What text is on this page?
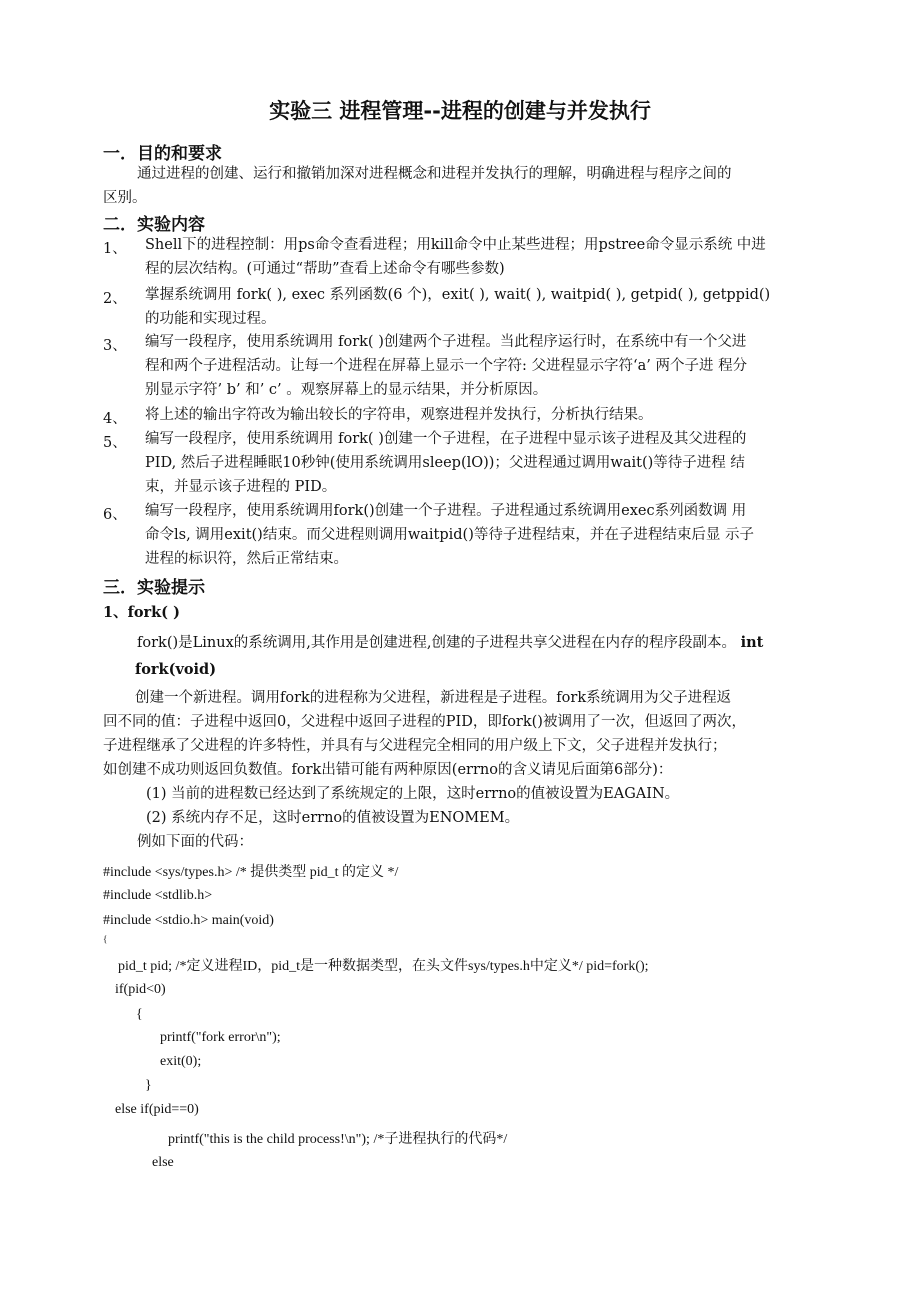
实验三 进程管理--进程的创建与并发执行
一．目的和要求
通过进程的创建、运行和撤销加深对进程概念和进程并发执行的理解，明确进程与程序之间的
区别。
二．实验内容
1、 Shell下的进程控制：用ps命令查看进程；用kill命令中止某些进程；用pstree命令显示系统 中进
程的层次结构。(可通过“帮助”查看上述命令有哪些参数)
2、 掌握系统调用 fork( ), exec 系列函数(6 个)，exit( ), wait( ), waitpid( ), getpid( ), getppid()
的功能和实现过程。
3、 编写一段程序，使用系统调用 fork( )创建两个子进程。当此程序运行时，在系统中有一个父进
程和两个子进程活动。让每一个进程在屏幕上显示一个字符: 父进程显示字符‘a’ 两个子进 程分
别显示字符’ b’ 和’ c’ 。观察屏幕上的显示结果，并分析原因。
4、 将上述的输出字符改为输出较长的字符串，观察进程并发执行，分析执行结果。
5、 编写一段程序，使用系统调用 fork( )创建一个子进程，在子进程中显示该子进程及其父进程的
PID, 然后子进程睡眠10秒钟(使用系统调用sleep(lO))；父进程通过调用wait()等待子进程 结
束，并显示该子进程的 PID。
6、 编写一段程序，使用系统调用fork()创建一个子进程。子进程通过系统调用exec系列函数调 用
命令ls, 调用exit()结束。而父进程则调用waitpid()等待子进程结束，并在子进程结束后显 示子
进程的标识符，然后正常结束。
三．实验提示
1、fork( )
fork()是Linux的系统调用,其作用是创建进程,创建的子进程共享父进程在内存的程序段副本。 int
fork(void)
创建一个新进程。调用fork的进程称为父进程，新进程是子进程。fork系统调用为父子进程返
回不同的值：子进程中返回0，父进程中返回子进程的PID，即fork()被调用了一次，但返回了两次，
子进程继承了父进程的许多特性，并具有与父进程完全相同的用户级上下文，父子进程并发执行；
如创建不成功则返回负数值。fork出错可能有两种原因(errno的含义请见后面第6部分)：
(1) 当前的进程数已经达到了系统规定的上限，这时errno的值被设置为EAGAIN。
(2) 系统内存不足，这时errno的值被设置为ENOMEM。
例如下面的代码：
#include <sys/types.h> /* 提供类型 pid_t 的定义 */
#include <stdlib.h>
#include <stdio.h> main(void)
{
pid_t pid; /*定义进程ID，pid_t是一种数据类型，在头文件sys/types.h中定义*/ pid=fork();
if(pid<0)
{
printf("fork error\n");
exit(0);
}
else if(pid==0)
printf("this is the child process!\n"); /*子进程执行的代码*/
else
